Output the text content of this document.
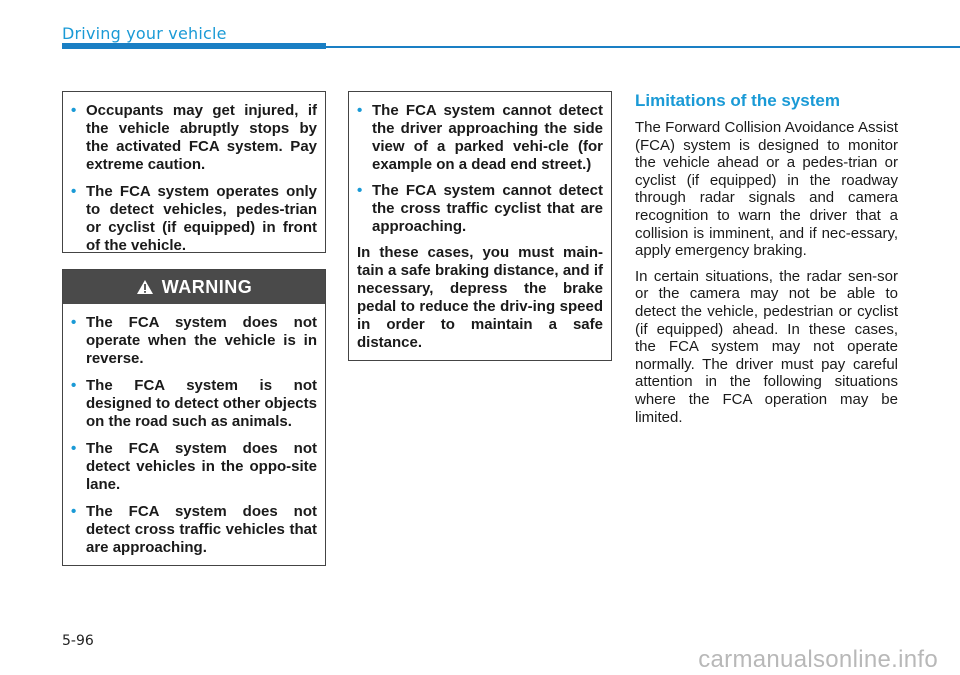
Driving your vehicle
• Occupants may get injured, if the vehicle abruptly stops by the activated FCA system. Pay extreme caution.
• The FCA system operates only to detect vehicles, pedes-trian or cyclist (if equipped) in front of the vehicle.
WARNING
• The FCA system does not operate when the vehicle is in reverse.
• The FCA system is not designed to detect other objects on the road such as animals.
• The FCA system does not detect vehicles in the oppo-site lane.
• The FCA system does not detect cross traffic vehicles that are approaching.
• The FCA system cannot detect the driver approaching the side view of a parked vehi-cle (for example on a dead end street.)
• The FCA system cannot detect the cross traffic cyclist that are approaching.

In these cases, you must main-tain a safe braking distance, and if necessary, depress the brake pedal to reduce the driv-ing speed in order to maintain a safe distance.

Limitations of the system

The Forward Collision Avoidance Assist (FCA) system is designed to monitor the vehicle ahead or a pedes-trian or cyclist (if equipped) in the roadway through radar signals and camera recognition to warn the driver that a collision is imminent, and if nec-essary, apply emergency braking.

In certain situations, the radar sen-sor or the camera may not be able to detect the vehicle, pedestrian or cyclist (if equipped) ahead. In these cases, the FCA system may not operate normally. The driver must pay careful attention in the following situations where the FCA operation may be limited.

5-96
carmanualsonline.info
